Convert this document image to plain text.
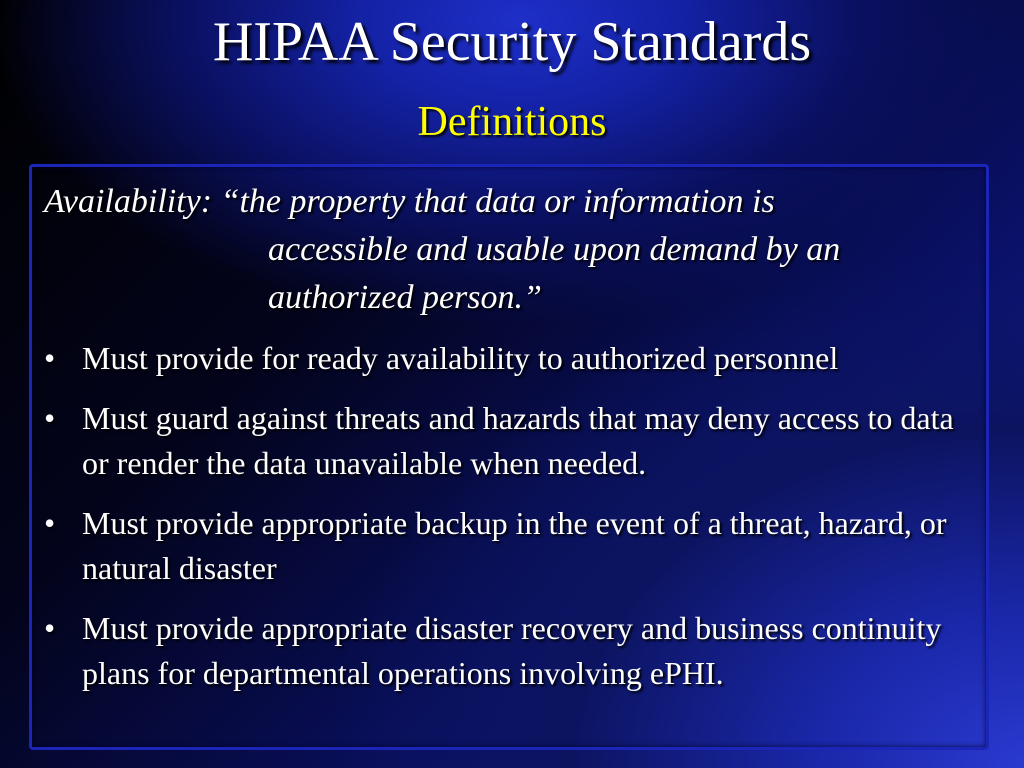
HIPAA Security Standards
Definitions
Availability: “the property that data or information is
accessible and usable upon demand by an
authorized person.”
• Must provide for ready availability to authorized personnel
• Must guard against threats and hazards that may deny access to data or render the data unavailable when needed.
• Must provide appropriate backup in the event of a threat, hazard, or natural disaster
• Must provide appropriate disaster recovery and business continuity plans for departmental operations involving ePHI.
